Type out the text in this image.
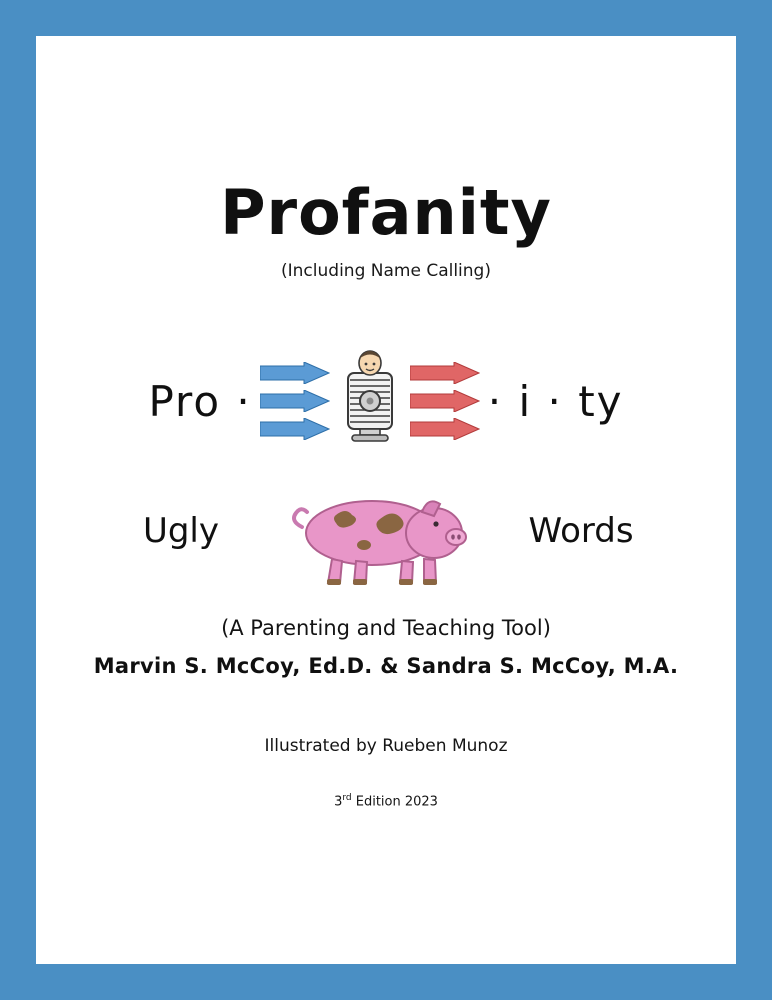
Profanity
(Including Name Calling)
Pro ·	· i · ty
Ugly	Words
(A Parenting and Teaching Tool)
Marvin S. McCoy, Ed.D. & Sandra S. McCoy, M.A.
Illustrated by Rueben Munoz
3rd Edition 2023
